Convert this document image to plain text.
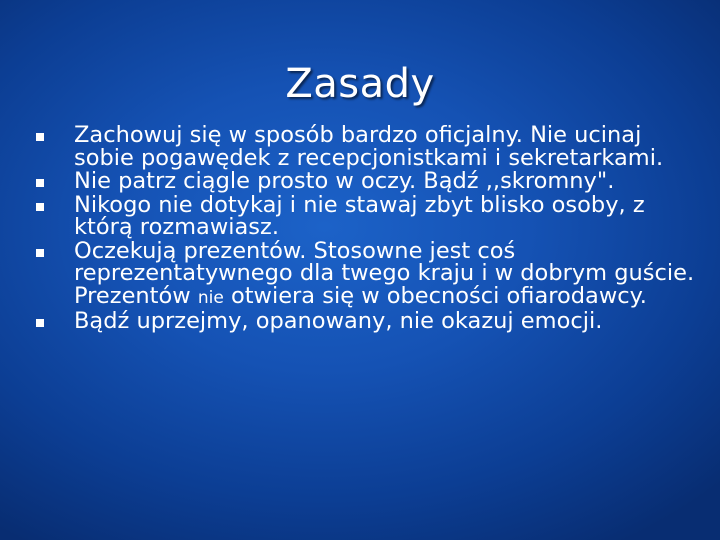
Zasady
Zachowuj się w sposób bardzo oficjalny. Nie ucinaj sobie pogawędek z recepcjonistkami i sekretarkami.
Nie patrz ciągle prosto w oczy. Bądź ,,skromny".
Nikogo nie dotykaj i nie stawaj zbyt blisko osoby, z którą rozmawiasz.
Oczekują prezentów. Stosowne jest coś reprezentatywnego dla twego kraju i w dobrym guście. Prezentów nie otwiera się w obecności ofiarodawcy.
Bądź uprzejmy, opanowany, nie okazuj emocji.
